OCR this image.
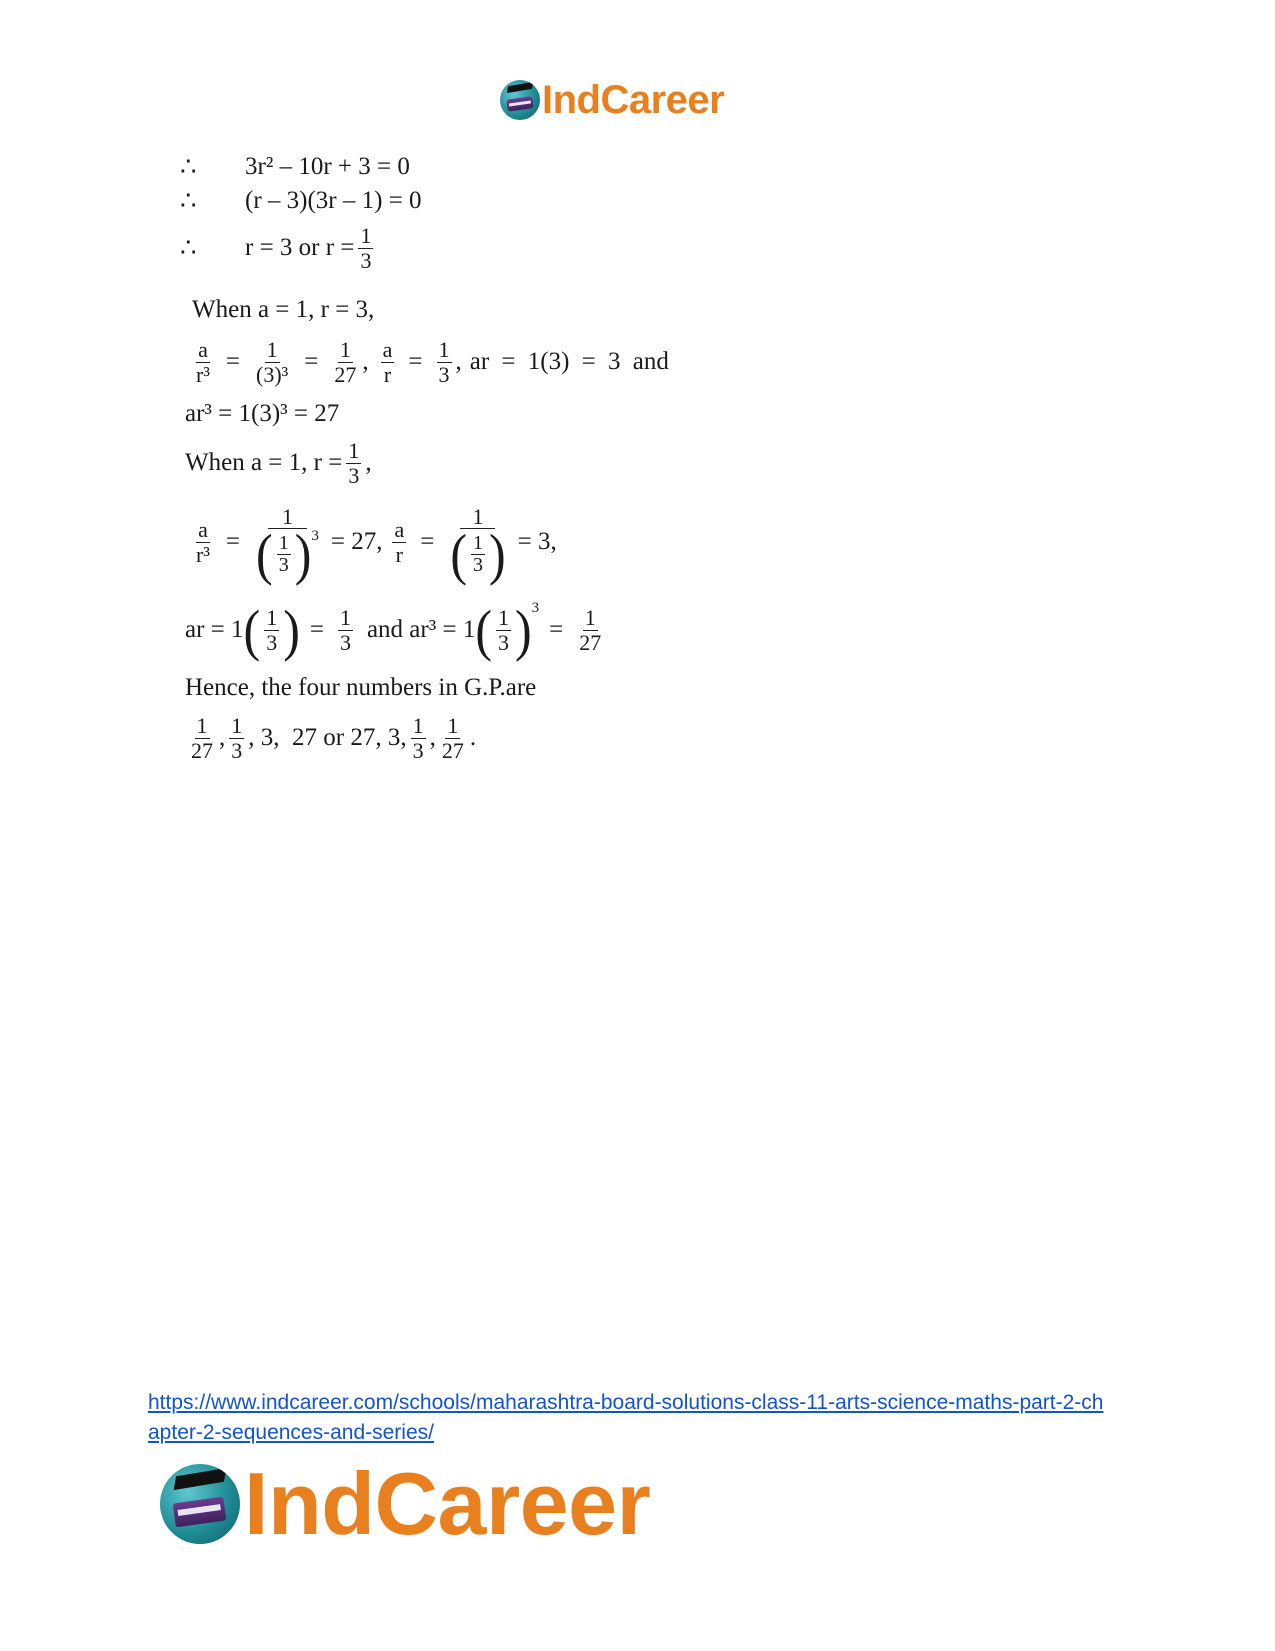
IndCareer
∴	3r² – 10r + 3 = 0
∴	(r – 3)(3r – 1) = 0
∴	r = 3 or $r = \frac{1}{3}$
When a = 1, r = 3,
$\frac{a}{\text{r³}} = \frac{1}{\text{(3)³}} = \frac{1}{27}$ , $\frac{a}{r} = \frac{1}{3}$ , ar = 1(3) = 3 and
ar³ = 1(3)³ = 27
When a = 1, $r = \frac{1}{3}$ ,
$\frac{a}{\text{r³}} = \frac{1}{( \frac{1}{3} ) 3} = 27$, $\frac{a}{r} = \frac{1}{( \frac{1}{3} )} = 3$,
ar = 1 ( $\frac{1}{3}$ ) = $\frac{1}{3}$ and ar³ = 1 ( $\frac{1}{3}$ ) 3
= $\frac{1}{27}$
Hence, the four numbers in G.P.are
$\frac{1}{27}$ , $\frac{1}{3}$ , 3,  27 or 27, 3, $\frac{1}{3}$ , $\frac{1}{27}$ .
https://www.indcareer.com/schools/maharashtra-board-solutions-class-11-arts-science-maths-part-2-chapter-2-sequences-and-series/
IndCareer
